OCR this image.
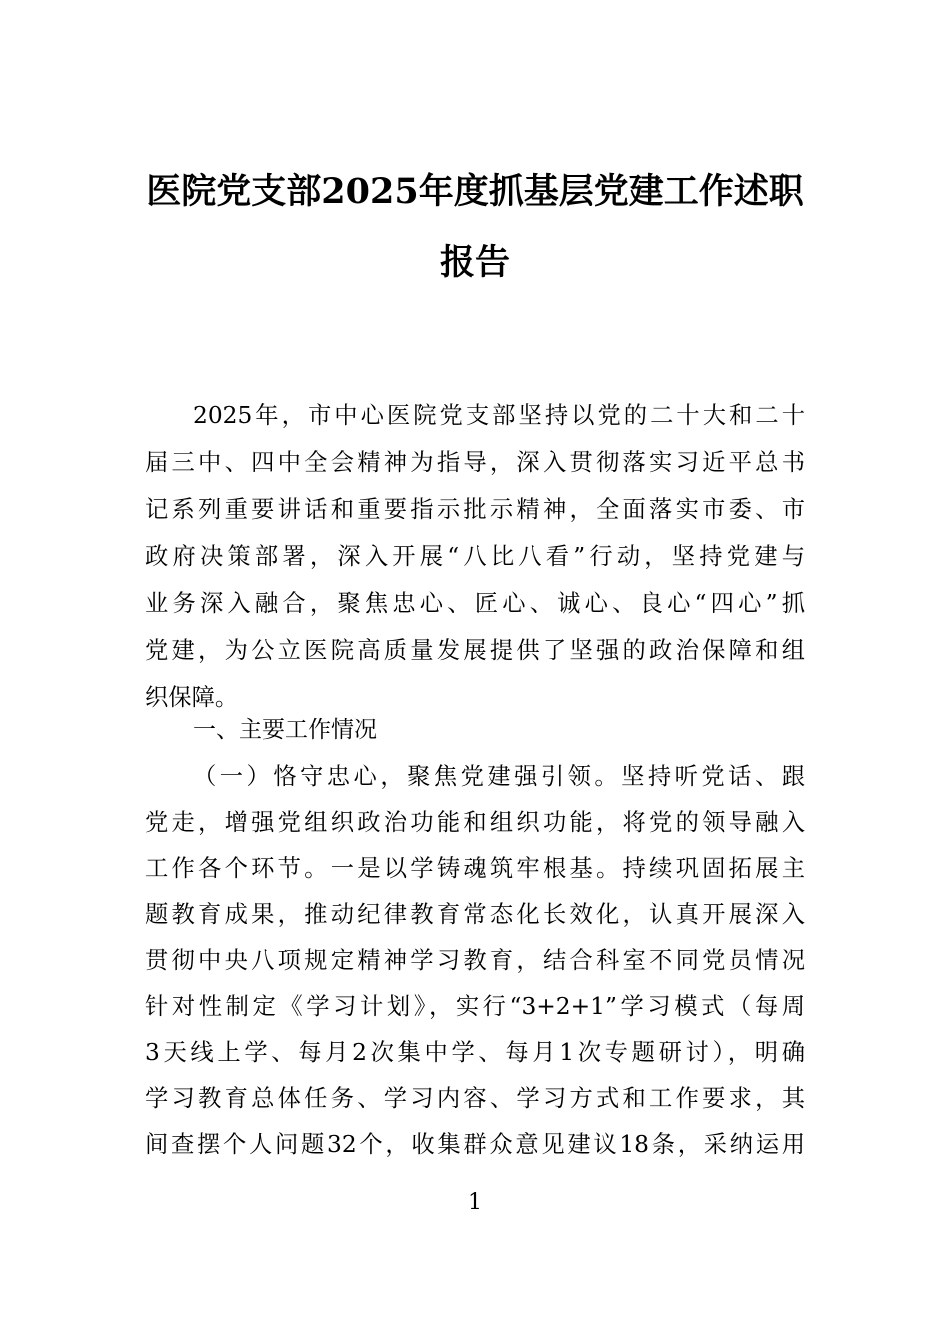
医院党支部2025年度抓基层党建工作述职
报告
2025年，市中心医院党支部坚持以党的二十大和二十
届三中、四中全会精神为指导，深入贯彻落实习近平总书
记系列重要讲话和重要指示批示精神，全面落实市委、市
政府决策部署，深入开展“八比八看”行动，坚持党建与
业务深入融合，聚焦忠心、匠心、诚心、良心“四心”抓
党建，为公立医院高质量发展提供了坚强的政治保障和组
织保障。
一、主要工作情况
（一）恪守忠心，聚焦党建强引领。坚持听党话、跟
党走，增强党组织政治功能和组织功能，将党的领导融入
工作各个环节。一是以学铸魂筑牢根基。持续巩固拓展主
题教育成果，推动纪律教育常态化长效化，认真开展深入
贯彻中央八项规定精神学习教育，结合科室不同党员情况
针对性制定《学习计划》，实行“3+2+1”学习模式（每周
3天线上学、每月2次集中学、每月1次专题研讨），明确
学习教育总体任务、学习内容、学习方式和工作要求，其
间查摆个人问题32个，收集群众意见建议18条，采纳运用
1
